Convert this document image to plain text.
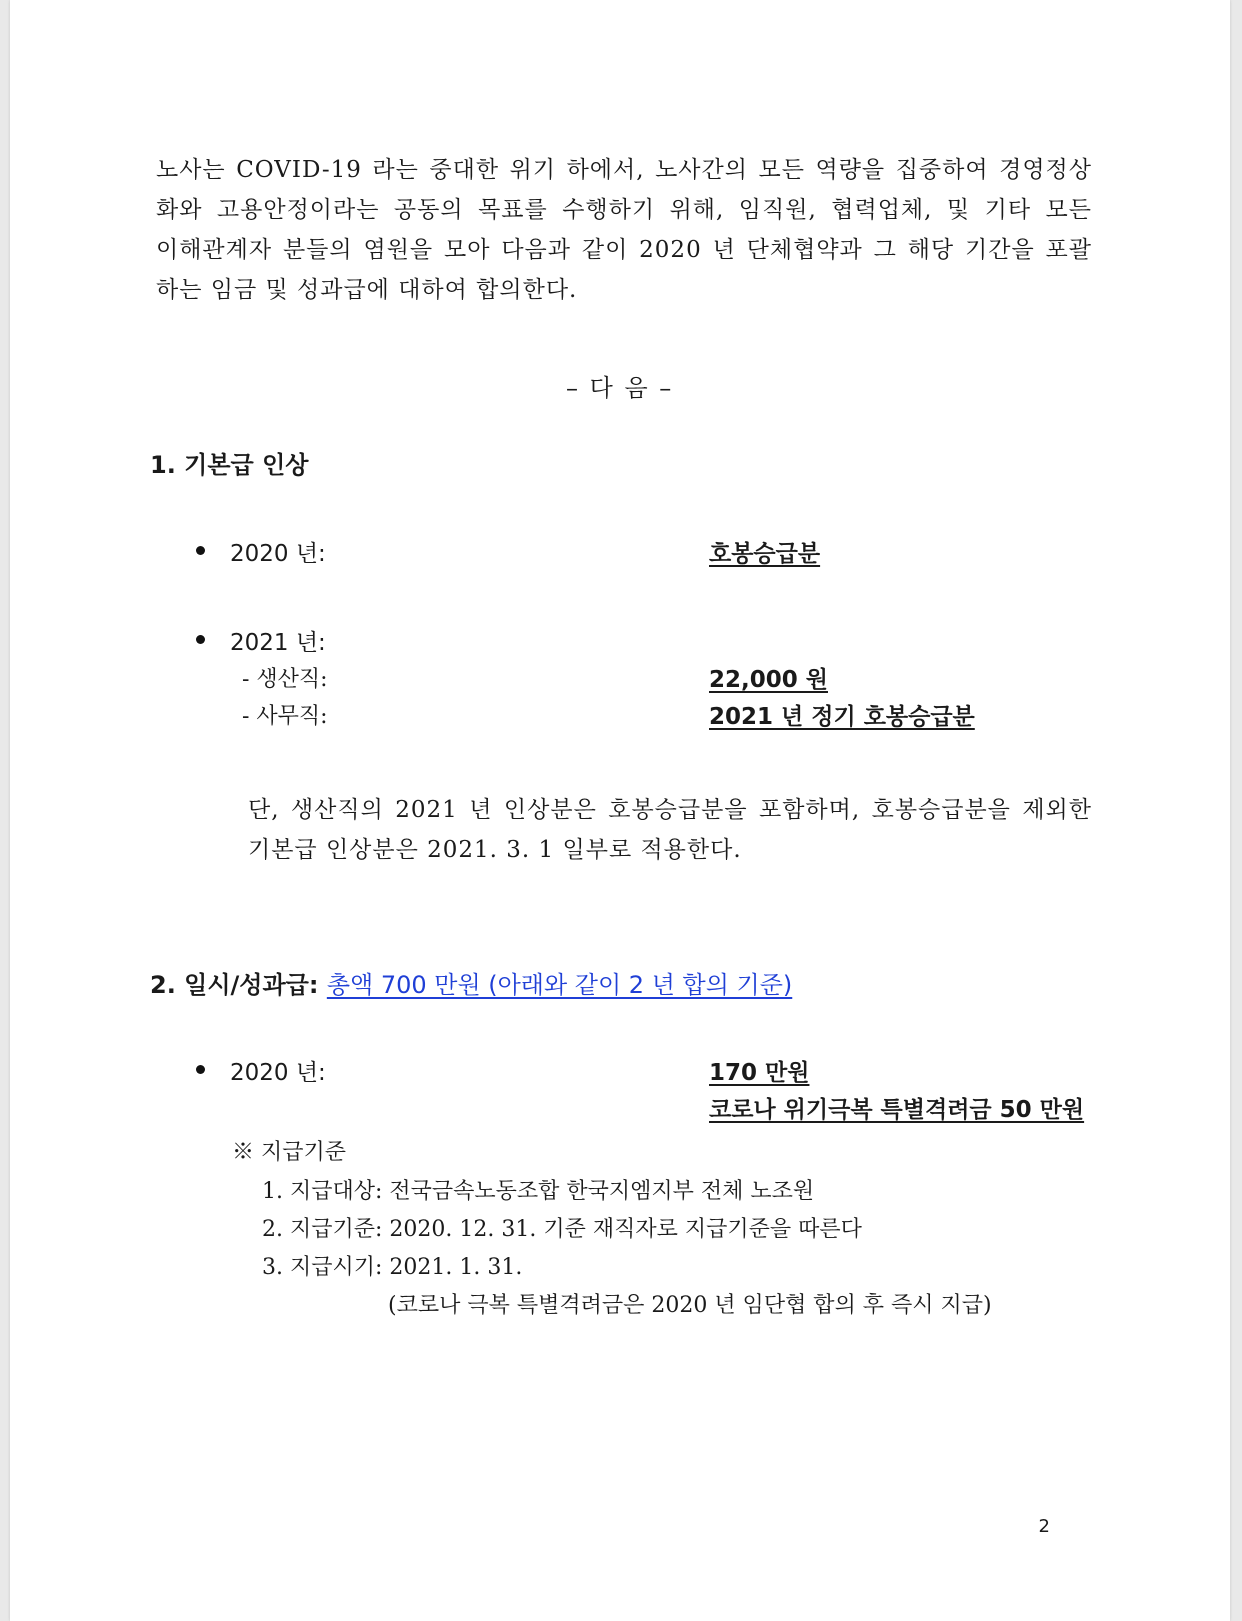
노사는 COVID-19 라는 중대한 위기 하에서, 노사간의 모든 역량을 집중하여 경영정상
화와 고용안정이라는 공동의 목표를 수행하기 위해, 임직원, 협력업체, 및 기타 모든
이해관계자 분들의 염원을 모아 다음과 같이 2020 년 단체협약과 그 해당 기간을 포괄
하는 임금 및 성과급에 대하여 합의한다.
– 다 음 –
1. 기본급 인상
2020 년:	호봉승급분
2021 년:
- 생산직:	22,000 원
- 사무직:	2021 년 정기 호봉승급분
단, 생산직의 2021 년 인상분은 호봉승급분을 포함하며, 호봉승급분을 제외한
기본급 인상분은 2021. 3. 1 일부로 적용한다.
2. 일시/성과급: 총액 700 만원 (아래와 같이 2 년 합의 기준)
2020 년:	170 만원
코로나 위기극복 특별격려금 50 만원
※ 지급기준
1. 지급대상: 전국금속노동조합 한국지엠지부 전체 노조원
2. 지급기준: 2020. 12. 31. 기준 재직자로 지급기준을 따른다
3. 지급시기: 2021. 1. 31.
(코로나 극복 특별격려금은 2020 년 임단협 합의 후 즉시 지급)
2
